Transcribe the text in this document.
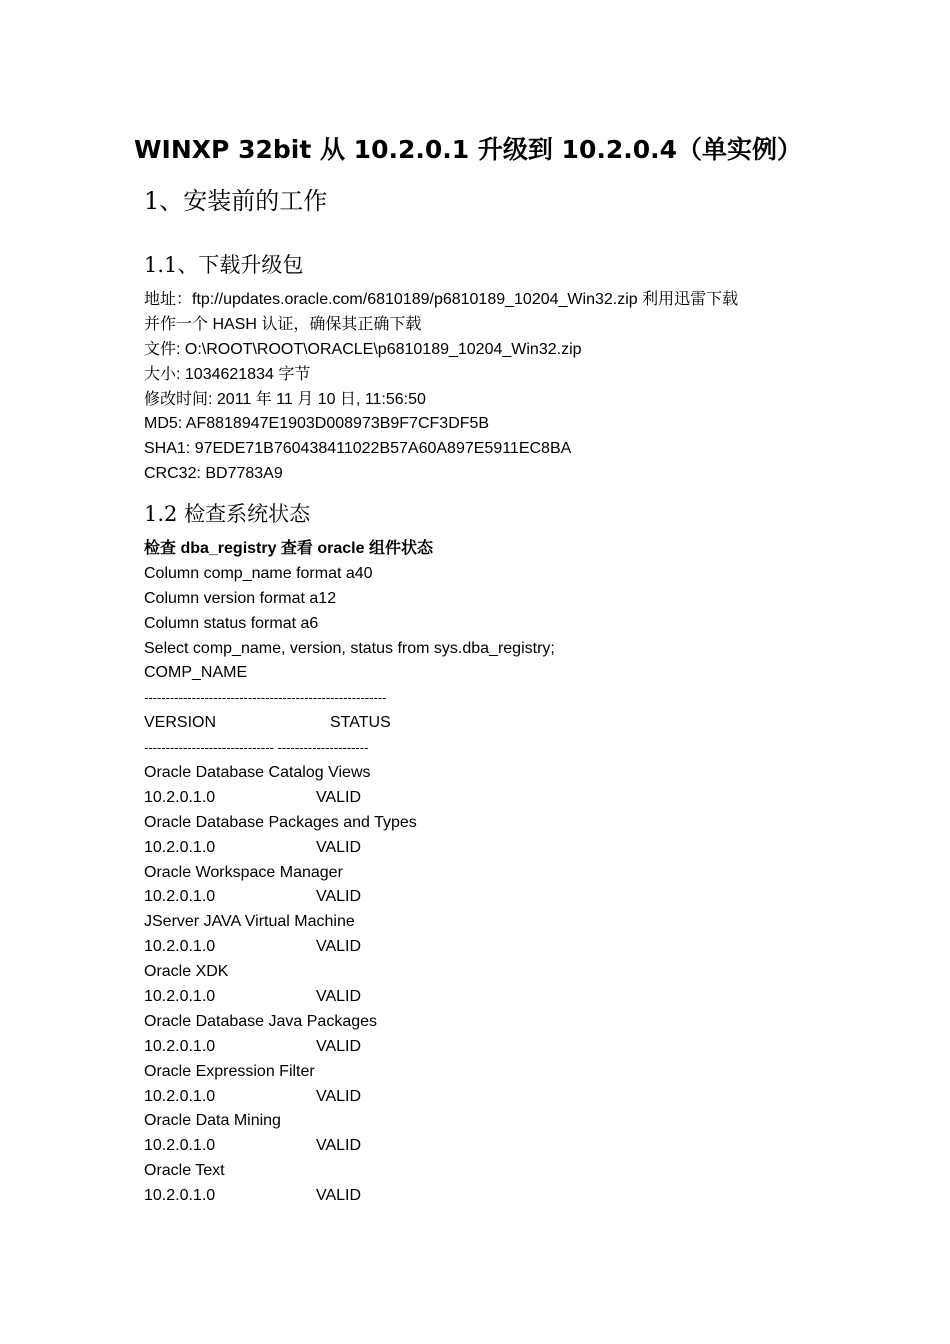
WINXP 32bit 从 10.2.0.1 升级到 10.2.0.4（单实例）
1、安装前的工作
1.1、下载升级包
地址：ftp://updates.oracle.com/6810189/p6810189_10204_Win32.zip 利用迅雷下载
并作一个 HASH 认证，确保其正确下载
文件: O:\ROOT\ROOT\ORACLE\p6810189_10204_Win32.zip
大小: 1034621834 字节
修改时间: 2011 年 11 月 10 日, 11:56:50
MD5: AF8818947E1903D008973B9F7CF3DF5B
SHA1: 97EDE71B760438411022B57A60A897E5911EC8BA
CRC32: BD7783A9
1.2 检查系统状态
检查 dba_registry 查看 oracle 组件状态
Column comp_name format a40
Column version format a12
Column status format a6
Select comp_name, version, status from sys.dba_registry;
COMP_NAME
--------------------------------------------------------
VERSION	STATUS
------------------------------ ---------------------
Oracle Database Catalog Views
10.2.0.1.0	VALID
Oracle Database Packages and Types
10.2.0.1.0	VALID
Oracle Workspace Manager
10.2.0.1.0	VALID
JServer JAVA Virtual Machine
10.2.0.1.0	VALID
Oracle XDK
10.2.0.1.0	VALID
Oracle Database Java Packages
10.2.0.1.0	VALID
Oracle Expression Filter
10.2.0.1.0	VALID
Oracle Data Mining
10.2.0.1.0	VALID
Oracle Text
10.2.0.1.0	VALID
